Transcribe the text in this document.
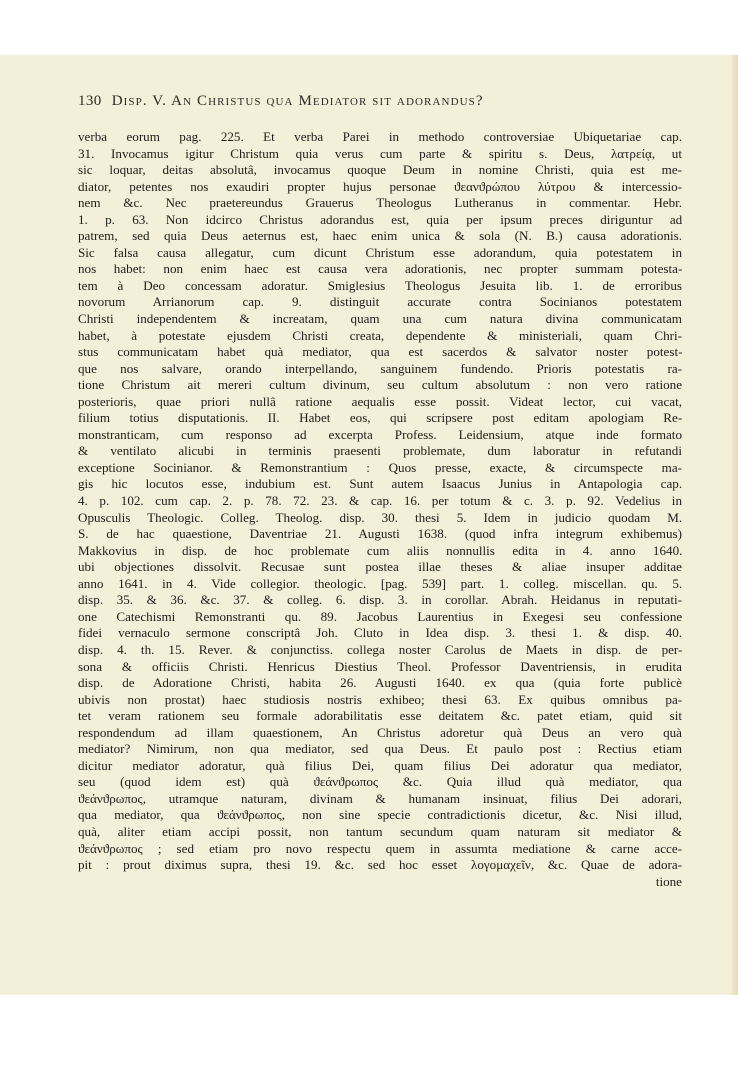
130 Disp. V. An Christus qua Mediator sit adorandus?
verba eorum pag. 225. Et verba Parei in methodo controversiae Ubiquetariae cap.
31. Invocamus igitur Christum quia verus cum parte & spiritu s. Deus, λατρείᾳ, ut
sic loquar, deitas absolutâ, invocamus quoque Deum in nomine Christi, quia est me-
diator, petentes nos exaudiri propter hujus personae ϑεανϑρώπου λύτρου & intercessio-
nem &c. Nec praetereundus Grauerus Theologus Lutheranus in commentar. Hebr.
1. p. 63. Non idcirco Christus adorandus est, quia per ipsum preces diriguntur ad
patrem, sed quia Deus aeternus est, haec enim unica & sola (N. B.) causa adorationis.
Sic falsa causa allegatur, cum dicunt Christum esse adorandum, quia potestatem in
nos habet: non enim haec est causa vera adorationis, nec propter summam potesta-
tem à Deo concessam adoratur. Smiglesius Theologus Jesuita lib. 1. de erroribus
novorum Arrianorum cap. 9. distinguit accurate contra Socinianos potestatem
Christi independentem & increatam, quam una cum natura divina communicatam
habet, à potestate ejusdem Christi creata, dependente & ministeriali, quam Chri-
stus communicatam habet quà mediator, qua est sacerdos & salvator noster potest-
que nos salvare, orando interpellando, sanguinem fundendo. Prioris potestatis ra-
tione Christum ait mereri cultum divinum, seu cultum absolutum : non vero ratione
posterioris, quae priori nullâ ratione aequalis esse possit. Videat lector, cui vacat,
filium totius disputationis. II. Habet eos, qui scripsere post editam apologiam Re-
monstranticam, cum responso ad excerpta Profess. Leidensium, atque inde formato
& ventilato alicubi in terminis praesenti problemate, dum laboratur in refutandi
exceptione Socinianor. & Remonstrantium : Quos presse, exacte, & circumspecte ma-
gis hic locutos esse, indubium est. Sunt autem Isaacus Junius in Antapologia cap.
4. p. 102. cum cap. 2. p. 78. 72. 23. & cap. 16. per totum & c. 3. p. 92. Vedelius in
Opusculis Theologic. Colleg. Theolog. disp. 30. thesi 5. Idem in judicio quodam M.
S. de hac quaestione, Daventriae 21. Augusti 1638. (quod infra integrum exhibemus)
Makkovius in disp. de hoc problemate cum aliis nonnullis edita in 4. anno 1640.
ubi objectiones dissolvit. Recusae sunt postea illae theses & aliae insuper additae
anno 1641. in 4. Vide collegior. theologic. [pag. 539] part. 1. colleg. miscellan. qu. 5.
disp. 35. & 36. &c. 37. & colleg. 6. disp. 3. in corollar. Abrah. Heidanus in reputati-
one Catechismi Remonstranti qu. 89. Jacobus Laurentius in Exegesi seu confessione
fidei vernaculo sermone conscriptâ Joh. Cluto in Idea disp. 3. thesi 1. & disp. 40.
disp. 4. th. 15. Rever. & conjunctiss. collega noster Carolus de Maets in disp. de per-
sona & officiis Christi. Henricus Diestius Theol. Professor Daventriensis, in erudita
disp. de Adoratione Christi, habita 26. Augusti 1640. ex qua (quia forte publicè
ubivis non prostat) haec studiosis nostris exhibeo; thesi 63. Ex quibus omnibus pa-
tet veram rationem seu formale adorabilitatis esse deitatem &c. patet etiam, quid sit
respondendum ad illam quaestionem, An Christus adoretur quà Deus an vero quà
mediator? Nimirum, non qua mediator, sed qua Deus. Et paulo post : Rectius etiam
dicitur mediator adoratur, quà filius Dei, quam filius Dei adoratur qua mediator,
seu (quod idem est) quà ϑεάνϑρωπος &c. Quia illud quà mediator, qua
ϑεάνϑρωπος, utramque naturam, divinam & humanam insinuat, filius Dei adorari,
qua mediator, qua ϑεάνϑρωπος, non sine specie contradictionis dicetur, &c. Nisi illud,
quà, aliter etiam accipi possit, non tantum secundum quam naturam sit mediator &
ϑεάνϑρωπος ; sed etiam pro novo respectu quem in assumta mediatione & carne acce-
pit : prout diximus supra, thesi 19. &c. sed hoc esset λογομαχεῖν, &c. Quae de adora-
tione
